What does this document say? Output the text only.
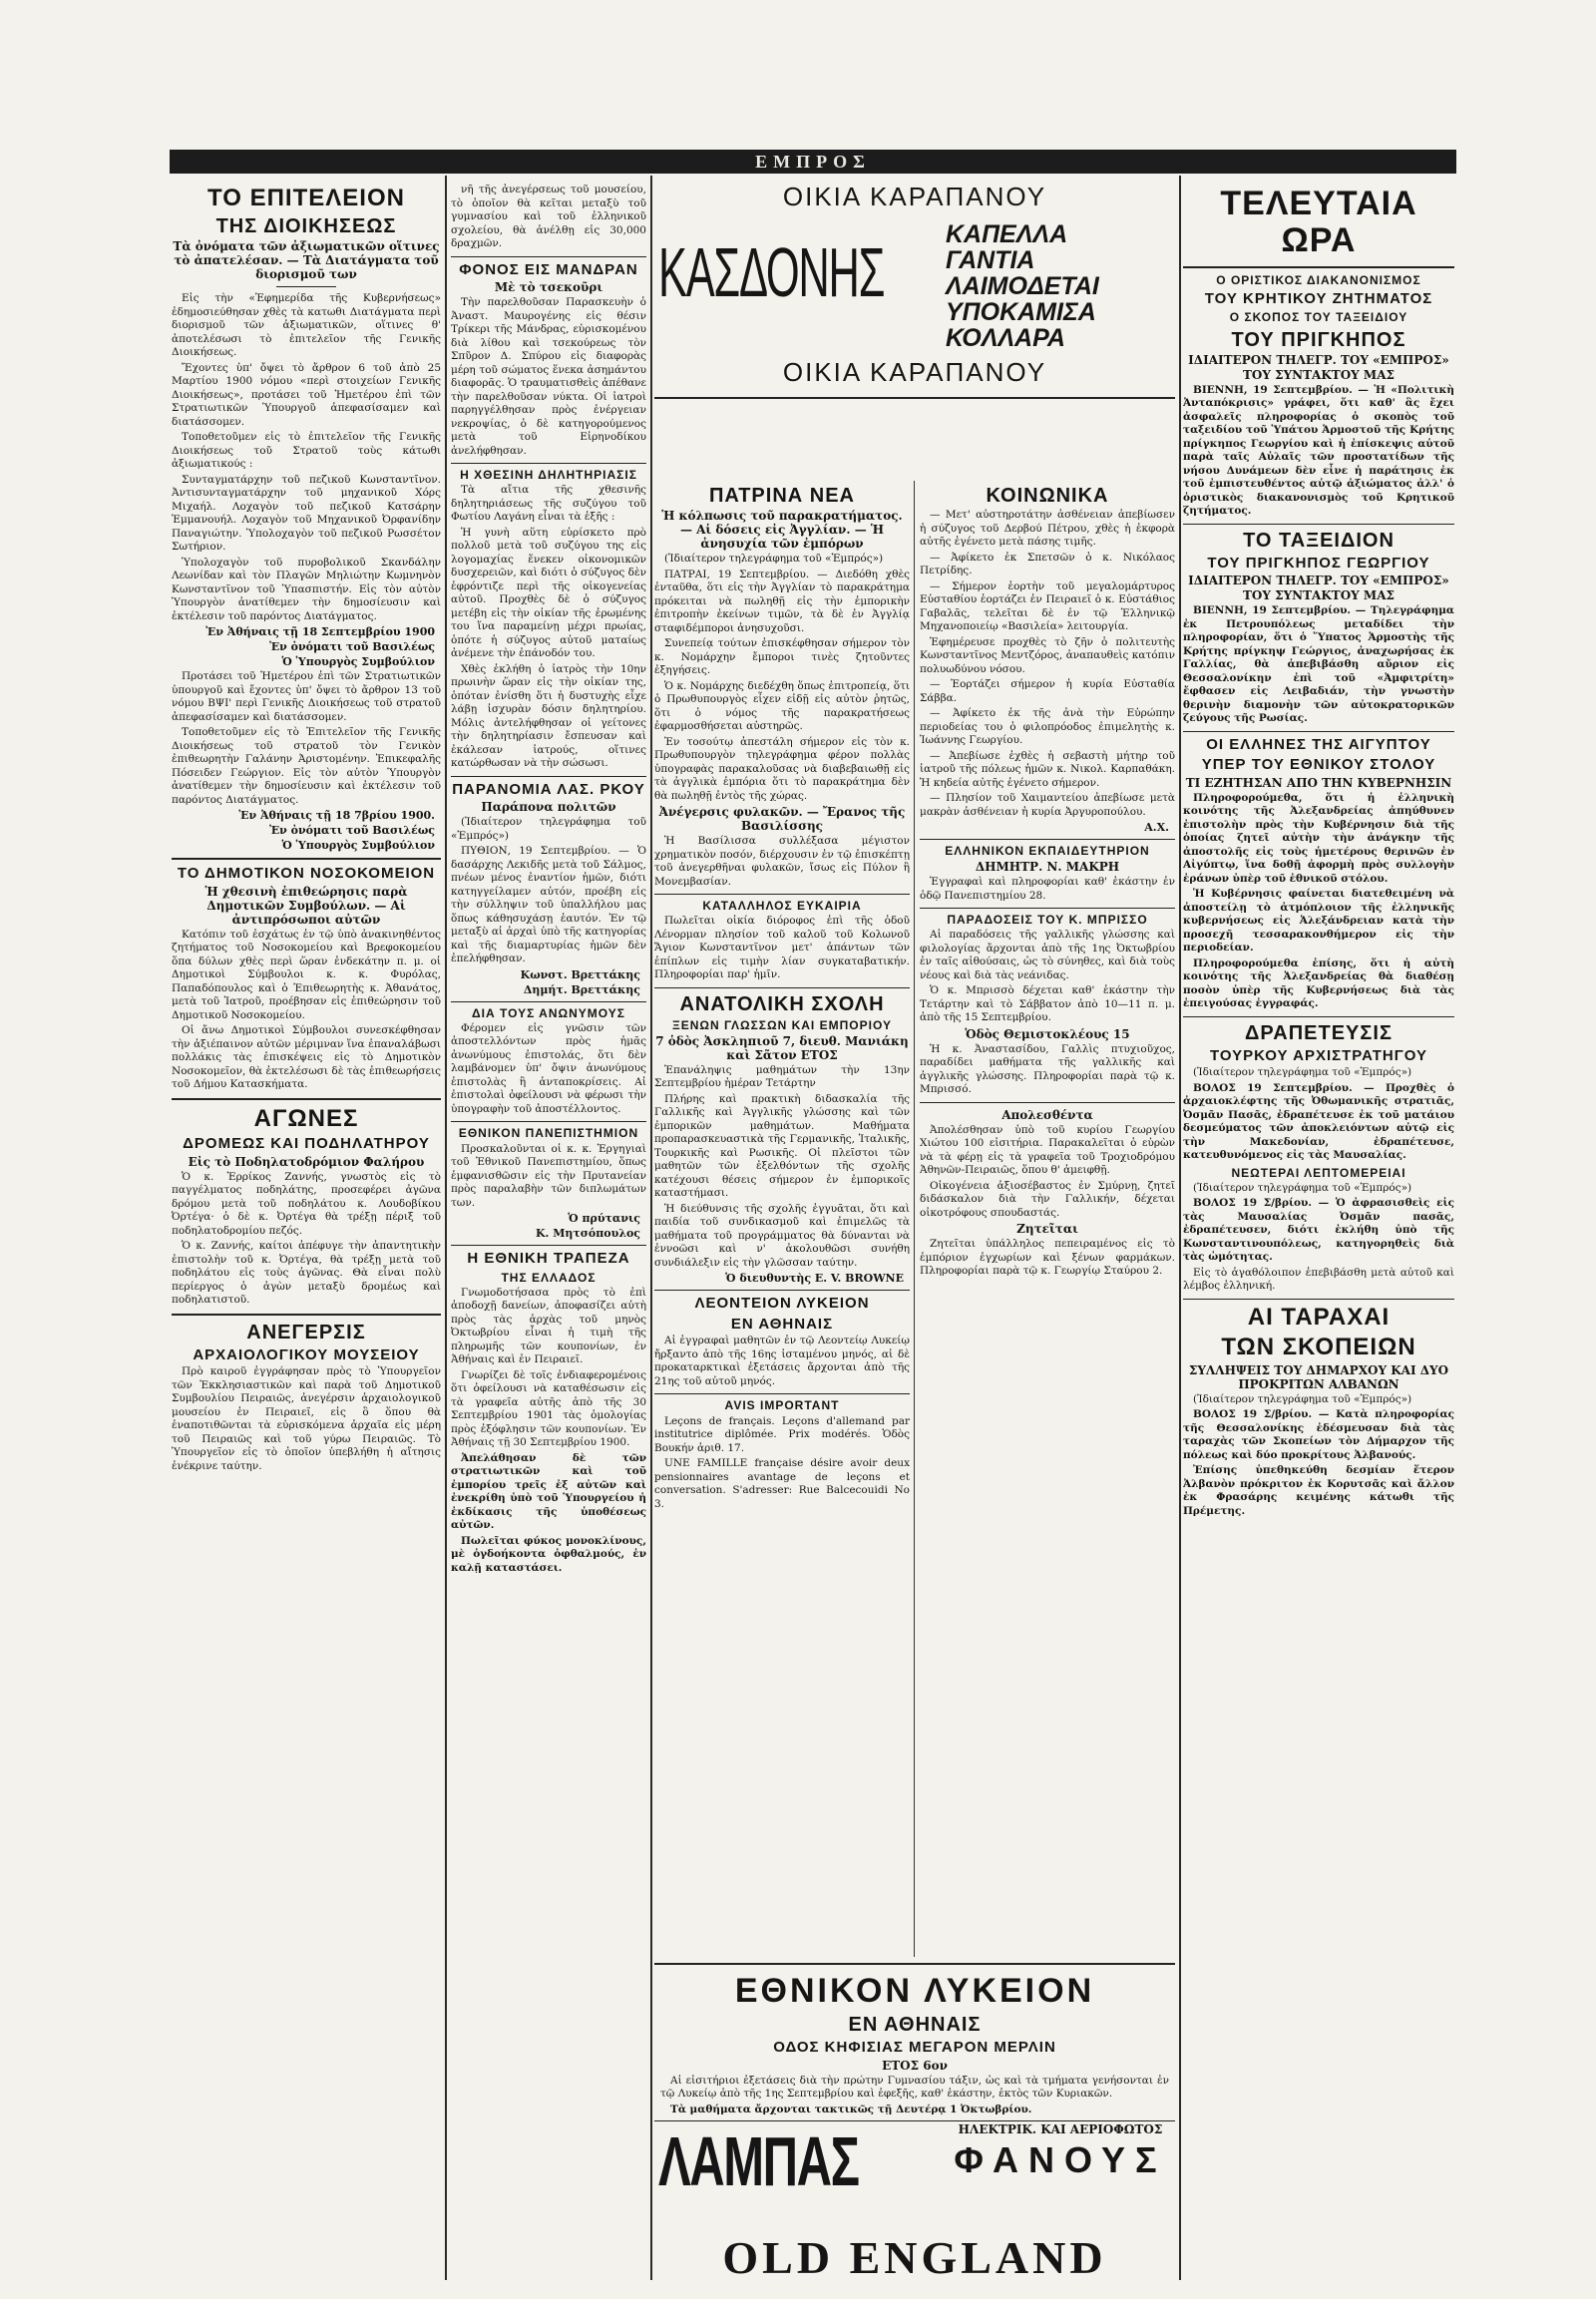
ΕΜΠΡΟΣ
ΤΟ ΕΠΙΤΕΛΕΙΟΝ
ΤΗΣ ΔΙΟΙΚΗΣΕΩΣ
Τὰ ὀνόματα τῶν ἀξιωματικῶν οἵτινες τὸ ἀπατελέσαν. — Τὰ Διατάγματα τοῦ διορισμοῦ των

Εἰς τὴν «Ἐφημερίδα τῆς Κυβερνήσεως» ἐδημοσιεύθησαν χθὲς τὰ κατωθι Διατάγματα περὶ διορισμοῦ τῶν ἀξιωματικῶν, οἵτινες θ' ἀποτελέσωσι τὸ ἐπιτελεῖον τῆς Γενικῆς Διοικήσεως.

Ἔχοντες ὑπ' ὄψει τὸ ἄρθρον 6 τοῦ ἀπὸ 25 Μαρτίου 1900 νόμου «περὶ στοιχείων Γενικῆς Διοικήσεως», προτάσει τοῦ Ἡμετέρου ἐπὶ τῶν Στρατιωτικῶν Ὑπουργοῦ ἀπεφασίσαμεν καὶ διατάσσομεν.

Τοποθετοῦμεν εἰς τὸ ἐπιτελεῖον τῆς Γενικῆς Διοικήσεως τοῦ Στρατοῦ τοὺς κάτωθι ἀξιωματικούς :

Συνταγματάρχην τοῦ πεζικοῦ Κωνσταντῖνον. Ἀντισυνταγματάρχην τοῦ μηχανικοῦ Χόρς Μιχαήλ. Λοχαγὸν τοῦ πεζικοῦ Κατσάρην Ἐμμανουήλ. Λοχαγὸν τοῦ Μηχανικοῦ Ὀρφανίδην Παναγιώτην. Ὑπολοχαγὸν τοῦ πεζικοῦ Ρωσσέτον Σωτήριον.

Ὑπολοχαγὸν τοῦ πυροβολικοῦ Σκανδάλην Λεωνίδαν καὶ τὸν Πλαγῶν Μηλιώτην Κωμνηνὸν Κωνσταντῖνον τοῦ Ὑπασπιστήν. Εἰς τὸν αὐτὸν Ὑπουργὸν ἀνατίθεμεν τὴν δημοσίευσιν καὶ ἐκτέλεσιν τοῦ παρόντος Διατάγματος.

Ἐν Ἀθήναις τῇ 18 Σεπτεμβρίου 1900
Ἐν ὀνόματι τοῦ Βασιλέως
Ὁ Ὑπουργὸς Συμβούλιον

Προτάσει τοῦ Ἡμετέρου ἐπὶ τῶν Στρατιωτικῶν ὑπουργοῦ καὶ ἔχοντες ὑπ' ὄψει τὸ ἄρθρον 13 τοῦ νόμου ΒΨΙ' περὶ Γενικῆς Διοικήσεως τοῦ στρατοῦ ἀπεφασίσαμεν καὶ διατάσσομεν.

Τοποθετοῦμεν εἰς τὸ Ἐπιτελεῖον τῆς Γενικῆς Διοικήσεως τοῦ στρατοῦ τὸν Γενικὸν ἐπιθεωρητὴν Γαλάνην Ἀριστομένην. Ἐπικεφαλῆς Πόσειδεν Γεώργιον. Εἰς τὸν αὐτὸν Ὑπουργὸν ἀνατίθεμεν τὴν δημοσίευσιν καὶ ἐκτέλεσιν τοῦ παρόντος Διατάγματος.

Ἐν Ἀθήναις τῇ 18 7βρίου 1900.
Ἐν ὀνόματι τοῦ Βασιλέως
Ὁ Ὑπουργὸς Συμβούλιον
ΤΟ ΔΗΜΟΤΙΚΟΝ ΝΟΣΟΚΟΜΕΙΟΝ
Ἡ χθεσινὴ ἐπιθεώρησις παρὰ Δημοτικῶν Συμβούλων. — Αἱ ἀντιπρόσωποι αὐτῶν

Κατόπιν τοῦ ἐσχάτως ἐν τῷ ὑπὸ ἀνακινηθέντος ζητήματος τοῦ Νοσοκομείου καὶ Βρεφοκομείου ὅπα δύλων χθὲς περὶ ὥραν ἑνδεκάτην π. μ. οἱ Δημοτικοὶ Σύμβουλοι κ. κ. Φυρόλας, Παπαδόπουλος καὶ ὁ Ἐπιθεωρητὴς κ. Ἀθανάτος, μετὰ τοῦ Ἰατροῦ, προέβησαν εἰς ἐπιθεώρησιν τοῦ Δημοτικοῦ Νοσοκομείου.

Οἱ ἄνω Δημοτικοὶ Σύμβουλοι συνεσκέφθησαν τὴν ἀξιέπαινον αὐτῶν μέριμναν ἵνα ἐπαναλάβωσι πολλάκις τὰς ἐπισκέψεις εἰς τὸ Δημοτικὸν Νοσοκομεῖον, θὰ ἐκτελέσωσι δὲ τὰς ἐπιθεωρήσεις τοῦ Δήμου Κατασκήματα.

ΑΓΩΝΕΣ
ΔΡΟΜΕΩΣ ΚΑΙ ΠΟΔΗΛΑΤΗΡΟΥ
Εἰς τὸ Ποδηλατοδρόμιον Φαλήρου

Ὁ κ. Ἐρρίκος Ζαννής, γνωστὸς εἰς τὸ παγγέλματος ποδηλάτης, προσεφέρει ἀγῶνα δρόμου μετὰ τοῦ ποδηλάτου κ. Λουδοβίκου Ὀρτέγα· ὁ δὲ κ. Ὀρτέγα θὰ τρέξῃ πέριξ τοῦ ποδηλατοδρομίου πεζός.

Ὁ κ. Ζαννής, καίτοι ἀπέφυγε τὴν ἀπαντητικὴν ἐπιστολὴν τοῦ κ. Ὀρτέγα, θὰ τρέξῃ μετὰ τοῦ ποδηλάτου εἰς τοὺς ἀγῶνας. Θὰ εἶναι πολὺ περίεργος ὁ ἀγὼν μεταξὺ δρομέως καὶ ποδηλατιστοῦ.

ΑΝΕΓΕΡΣΙΣ
ΑΡΧΑΙΟΛΟΓΙΚΟΥ ΜΟΥΣΕΙΟΥ

Πρὸ καιροῦ ἐγγράφησαν πρὸς τὸ Ὑπουργεῖον τῶν Ἐκκλησιαστικῶν καὶ παρὰ τοῦ Δημοτικοῦ Συμβουλίου Πειραιῶς, ἀνεγέρσιν ἀρχαιολογικοῦ μουσείου ἐν Πειραιεῖ, εἰς ὃ ὅπου θὰ ἐναποτιθῶνται τὰ εὑρισκόμενα ἀρχαῖα εἰς μέρη τοῦ Πειραιῶς καὶ τοῦ γύρω Πειραιῶς. Τὸ Ὑπουργεῖον εἰς τὸ ὁποῖον ὑπεβλήθη ἡ αἴτησις ἐνέκρινε ταύτην.

νῆ τῆς ἀνεγέρσεως τοῦ μουσείου, τὸ ὁποῖον θὰ κεῖται μεταξὺ τοῦ γυμνασίου καὶ τοῦ ἑλληνικοῦ σχολείου, θὰ ἀνέλθῃ εἰς 30,000 δραχμῶν.

ΦΟΝΟΣ ΕΙΣ ΜΑΝΔΡΑΝ
Μὲ τὸ τσεκοῦρι

Τὴν παρελθοῦσαν Παρασκευὴν ὁ Ἀναστ. Μαυρογένης εἰς θέσιν Τρίκερι τῆς Μάνδρας, εὑρισκομένου διὰ λίθου καὶ τσεκούρεως τὸν Σπῦρον Δ. Σπύρου εἰς διαφορὰς μέρη τοῦ σώματος ἕνεκα ἀσημάντου διαφορᾶς. Ὁ τραυματισθεὶς ἀπέθανε τὴν παρελθοῦσαν νύκτα. Οἱ ἰατροὶ παρηγγέλθησαν πρὸς ἐνέργειαν νεκροψίας, ὁ δὲ κατηγορούμενος μετὰ τοῦ Εἰρηνοδίκου ἀνελήφθησαν.

Η ΧΘΕΣΙΝΗ ΔΗΛΗΤΗΡΙΑΣΙΣ

Τὰ αἴτια τῆς χθεσινῆς δηλητηριάσεως τῆς συζύγου τοῦ Φωτίου Λαγάνη εἶναι τὰ ἑξῆς :

Ἡ γυνὴ αὕτη εὑρίσκετο πρὸ πολλοῦ μετὰ τοῦ συζύγου της εἰς λογομαχίας ἕνεκεν οἰκονομικῶν δυσχερειῶν, καὶ διότι ὁ σύζυγος δὲν ἐφρόντιζε περὶ τῆς οἰκογενείας αὐτοῦ. Προχθὲς δὲ ὁ σύζυγος μετέβη εἰς τὴν οἰκίαν τῆς ἐρωμένης του ἵνα παραμείνῃ μέχρι πρωίας, ὁπότε ἡ σύζυγος αὐτοῦ ματαίως ἀνέμενε τὴν ἐπάνοδόν του.

Χθὲς ἐκλήθη ὁ ἰατρὸς τὴν 10ην πρωινὴν ὥραν εἰς τὴν οἰκίαν της, ὁπόταν ἐνίσθη ὅτι ἡ δυστυχὴς εἶχε λάβῃ ἰσχυρὰν δόσιν δηλητηρίου. Μόλις ἀντελήφθησαν οἱ γείτονες τὴν δηλητηρίασιν ἔσπευσαν καὶ ἐκάλεσαν ἰατρούς, οἵτινες κατώρθωσαν νὰ τὴν σώσωσι.

ΠΑΡΑΝΟΜΙΑ ΛΑΣ. ΡΚΟΥ
Παράπονα πολιτῶν

(Ἰδιαίτερον τηλεγράφημα τοῦ «Ἐμπρός»)

ΠΥΘΙΟΝ, 19 Σεπτεμβρίου. — Ὁ δασάρχης Λεκιδῆς μετὰ τοῦ Σάλμος, πνέων μένος ἐναντίον ἡμῶν, διότι κατηγγείλαμεν αὐτόν, προέβη εἰς τὴν σύλληψιν τοῦ ὑπαλλήλου μας ὅπως κάθησυχάσῃ ἑαυτόν. Ἐν τῷ μεταξὺ αἱ ἀρχαὶ ὑπὸ τῆς κατηγορίας καὶ τῆς διαμαρτυρίας ἡμῶν δὲν ἐπελήφθησαν.

Κωνστ. Βρεττάκης
Δημήτ. Βρεττάκης
ΔΙΑ ΤΟΥΣ ΑΝΩΝΥΜΟΥΣ

Φέρομεν εἰς γνῶσιν τῶν ἀποστελλόντων πρὸς ἡμᾶς ἀνωνύμους ἐπιστολάς, ὅτι δὲν λαμβάνομεν ὑπ' ὄψιν ἀνωνύμους ἐπιστολὰς ἢ ἀνταποκρίσεις. Αἱ ἐπιστολαὶ ὀφείλουσι νὰ φέρωσι τὴν ὑπογραφὴν τοῦ ἀποστέλλοντος.

ΕΘΝΙΚΟΝ ΠΑΝΕΠΙΣΤΗΜΙΟΝ

Προσκαλοῦνται οἱ κ. κ. Ἐργηγιαὶ τοῦ Ἐθνικοῦ Πανεπιστημίου, ὅπως ἐμφανισθῶσιν εἰς τὴν Πρυτανείαν πρὸς παραλαβὴν τῶν διπλωμάτων των.

Ὁ πρύτανις
Κ. Μητσόπουλος
Η ΕΘΝΙΚΗ ΤΡΑΠΕΖΑ
ΤΗΣ ΕΛΛΑΔΟΣ

Γνωμοδοτήσασα πρὸς τὸ ἐπὶ ἀποδοχῇ δανείων, ἀποφασίζει αὐτὴ πρὸς τὰς ἀρχὰς τοῦ μηνὸς Ὀκτωβρίου εἶναι ἡ τιμὴ τῆς πληρωμῆς τῶν κουπονίων, ἐν Ἀθήναις καὶ ἐν Πειραιεῖ.

Γνωρίζει δὲ τοῖς ἐνδιαφερομένοις ὅτι ὀφείλουσι νὰ καταθέσωσιν εἰς τὰ γραφεῖα αὐτῆς ἀπὸ τῆς 30 Σεπτεμβρίου 1901 τὰς ὁμολογίας πρὸς ἐξόφλησιν τῶν κουπονίων. Ἐν Ἀθήναις τῇ 30 Σεπτεμβρίου 1900.

Ἀπελάθησαν δὲ τῶν στρατιωτικῶν καὶ τοῦ ἐμπορίου τρεῖς ἐξ αὐτῶν καὶ ἐνεκρίθη ὑπὸ τοῦ Ὑπουργείου ἡ ἐκδίκασις τῆς ὑποθέσεως αὐτῶν.

Πωλεῖται φύκος μονοκλίνους, μὲ ὀγδοήκοντα ὀφθαλμούς, ἐν καλῇ καταστάσει.

ΟΙΚΙΑ ΚΑΡΑΠΑΝΟΥ
ΚΑΣΔΟΝΗΣ ΚΑΠΕΛΛΑ
ΓΑΝΤΙΑ
ΛΑΙΜΟΔΕΤΑΙ
ΥΠΟΚΑΜΙΣΑ
ΚΟΛΛΑΡΑ
ΟΙΚΙΑ ΚΑΡΑΠΑΝΟΥ
ΠΑΤΡΙΝΑ ΝΕΑ
Ἡ κόλπωσις τοῦ παρακρατήματος. — Αἱ δόσεις εἰς Ἀγγλίαν. — Ἡ ἀνησυχία τῶν ἐμπόρων

(Ἰδιαίτερον τηλεγράφημα τοῦ «Ἐμπρός»)

ΠΑΤΡΑΙ, 19 Σεπτεμβρίου. — Διεδόθη χθὲς ἐνταῦθα, ὅτι εἰς τὴν Ἀγγλίαν τὸ παρακράτημα πρόκειται νὰ πωληθῇ εἰς τὴν ἐμπορικὴν ἐπιτροπὴν ἐκείνων τιμῶν, τὰ δὲ ἐν Ἀγγλίᾳ σταφιδέμποροι ἀνησυχοῦσι.

Συνεπείᾳ τούτων ἐπισκέφθησαν σήμερον τὸν κ. Νομάρχην ἔμποροι τινὲς ζητοῦντες ἐξηγήσεις.

Ὁ κ. Νομάρχης διεδέχθη ὅπως ἐπιτροπείᾳ, ὅτι ὁ Πρωθυπουργὸς εἶχεν εἰδῇ εἰς αὐτὸν ῥητῶς, ὅτι ὁ νόμος τῆς παρακρατήσεως ἐφαρμοσθήσεται αὐστηρῶς.

Ἐν τοσούτῳ ἀπεστάλη σήμερον εἰς τὸν κ. Πρωθυπουργὸν τηλεγράφημα φέρον πολλὰς ὑπογραφὰς παρακαλοῦσας νὰ διαβεβαιωθῇ εἰς τὰ ἀγγλικὰ ἐμπόρια ὅτι τὸ παρακράτημα δὲν θὰ πωληθῇ ἐντὸς τῆς χώρας.

Ἀνέγερσις φυλακῶν. — Ἔρανος τῆς Βασιλίσσης

Ἡ Βασίλισσα συλλέξασα μέγιστον χρηματικὸν ποσόν, διέρχουσιν ἐν τῷ ἐπισκέπτῃ τοῦ ἀνεγερθῆναι φυλακῶν, ἴσως εἰς Πύλον ἢ Μονεμβασίαν.

ΚΑΤΑΛΛΗΛΟΣ ΕΥΚΑΙΡΙΑ

Πωλεῖται οἰκία διόροφος ἐπὶ τῆς ὁδοῦ Λένορμαν πλησίον τοῦ καλοῦ τοῦ Κολωνοῦ Ἄγιον Κωνσταντῖνον μετ' ἀπάντων τῶν ἐπίπλων εἰς τιμὴν λίαν συγκαταβατικήν. Πληροφορίαι παρ' ἡμῖν.

ΑΝΑΤΟΛΙΚΗ ΣΧΟΛΗ
ΞΕΝΩΝ ΓΛΩΣΣΩΝ ΚΑΙ ΕΜΠΟΡΙΟΥ
7 ὁδὸς Ἀσκληπιοῦ 7, διευθ. Μανιάκη καὶ Σᾶτον ΕΤΟΣ

Ἐπανάληψις μαθημάτων τὴν 13ην Σεπτεμβρίου ἡμέραν Τετάρτην

Πλήρης καὶ πρακτικὴ διδασκαλία τῆς Γαλλικῆς καὶ Ἀγγλικῆς γλώσσης καὶ τῶν ἐμπορικῶν μαθημάτων. Μαθήματα προπαρασκευαστικὰ τῆς Γερμανικῆς, Ἰταλικῆς, Τουρκικῆς καὶ Ρωσικῆς. Οἱ πλεῖστοι τῶν μαθητῶν τῶν ἐξελθόντων τῆς σχολῆς κατέχουσι θέσεις σήμερον ἐν ἐμπορικοῖς καταστήμασι.

Ἡ διεύθυνσις τῆς σχολῆς ἐγγυᾶται, ὅτι καὶ παιδία τοῦ συνδικασμοῦ καὶ ἐπιμελῶς τὰ μαθήματα τοῦ προγράμματος θὰ δύνανται νὰ ἐννοῶσι καὶ ν' ἀκολουθῶσι συνήθη συνδιάλεξιν εἰς τὴν γλῶσσαν ταύτην.

Ὁ διευθυντὴς E. V. BROWNE
ΛΕΟΝΤΕΙΟΝ ΛΥΚΕΙΟΝ
ΕΝ ΑΘΗΝΑΙΣ

Αἱ ἐγγραφαὶ μαθητῶν ἐν τῷ Λεοντείῳ Λυκείῳ ἤρξαντο ἀπὸ τῆς 16ης ἰσταμένου μηνός, αἱ δὲ προκαταρκτικαὶ ἐξετάσεις ἄρχονται ἀπὸ τῆς 21ης τοῦ αὐτοῦ μηνός.

AVIS IMPORTANT

Leçons de français. Leçons d'allemand par institutrice diplômée. Prix modérés. Ὁδὸς Βουκήν ἀριθ. 17.

UNE FAMILLE française désire avoir deux pensionnaires avantage de leçons et conversation. S'adresser: Rue Balcecouidi No 3.

ΚΟΙΝΩΝΙΚΑ

— Μετ' αὐστηροτάτην ἀσθένειαν ἀπεβίωσεν ἡ σύζυγος τοῦ Δερβού Πέτρου, χθὲς ἡ ἐκφορὰ αὐτῆς ἐγένετο μετὰ πάσης τιμῆς.

— Ἀφίκετο ἐκ Σπετσῶν ὁ κ. Νικόλαος Πετρίδης.

— Σήμερον ἑορτὴν τοῦ μεγαλομάρτυρος Εὐσταθίου ἑορτάζει ἐν Πειραιεῖ ὁ κ. Εὐστάθιος Γαβαλᾶς, τελεῖται δὲ ἐν τῷ Ἑλληνικῷ Μηχανοποιείῳ «Βασιλεία» λειτουργία.

Ἐφημέρευσε προχθὲς τὸ ζῆν ὁ πολιτευτὴς Κωνσταντῖνος Μεντζόρος, ἀναπαυθεὶς κατόπιν πολυωδύνου νόσου.

— Ἐορτάζει σήμερον ἡ κυρία Εὐσταθία Σάββα.

— Ἀφίκετο ἐκ τῆς ἀνὰ τὴν Εὐρώπην περιοδείας του ὁ φιλοπρόοδος ἐπιμελητὴς κ. Ἰωάννης Γεωργίου.

— Ἀπεβίωσε ἐχθὲς ἡ σεβαστὴ μήτηρ τοῦ ἰατροῦ τῆς πόλεως ἡμῶν κ. Νικολ. Καρπαθάκη. Ἡ κηδεία αὐτῆς ἐγένετο σήμερον.

— Πλησίον τοῦ Χαιμαντείου ἀπεβίωσε μετὰ μακρὰν ἀσθένειαν ἡ κυρία Ἀργυροπούλου.

Α.Χ.
ΕΛΛΗΝΙΚΟΝ ΕΚΠΑΙΔΕΥΤΗΡΙΟΝ
ΔΗΜΗΤΡ. Ν. ΜΑΚΡΗ

Ἐγγραφαὶ καὶ πληροφορίαι καθ' ἑκάστην ἐν ὁδῷ Πανεπιστημίου 28.

ΠΑΡΑΔΟΣΕΙΣ ΤΟΥ Κ. ΜΠΡΙΣΣΟ

Αἱ παραδόσεις τῆς γαλλικῆς γλώσσης καὶ φιλολογίας ἄρχονται ἀπὸ τῆς 1ης Ὀκτωβρίου ἐν ταῖς αἰθούσαις, ὡς τὸ σύνηθες, καὶ διὰ τοὺς νέους καὶ διὰ τὰς νεάνιδας.

Ὁ κ. Μπρισσὸ δέχεται καθ' ἑκάστην τὴν Τετάρτην καὶ τὸ Σάββατον ἀπὸ 10—11 π. μ. ἀπὸ τῆς 15 Σεπτεμβρίου.

Ὁδὸς Θεμιστοκλέους 15

Ἡ κ. Ἀναστασίδου, Γαλλὶς πτυχιοῦχος, παραδίδει μαθήματα τῆς γαλλικῆς καὶ ἀγγλικῆς γλώσσης. Πληροφορίαι παρὰ τῷ κ. Μπρισσό.

Απολεσθέντα

Ἀπολέσθησαν ὑπὸ τοῦ κυρίου Γεωργίου Χιώτου 100 εἰσιτήρια. Παρακαλεῖται ὁ εὑρὼν νὰ τὰ φέρῃ εἰς τὰ γραφεῖα τοῦ Τροχιοδρόμου Ἀθηνῶν-Πειραιῶς, ὅπου θ' ἀμειφθῇ.

Οἰκογένεια ἀξιοσέβαστος ἐν Σμύρνῃ, ζητεῖ διδάσκαλον διὰ τὴν Γαλλικήν, δέχεται οἰκοτρόφους σπουδαστάς.

Ζητεῖται

Ζητεῖται ὑπάλληλος πεπειραμένος εἰς τὸ ἐμπόριον ἐγχωρίων καὶ ξένων φαρμάκων. Πληροφορίαι παρὰ τῷ κ. Γεωργίῳ Σταύρου 2.

ΕΘΝΙΚΟΝ ΛΥΚΕΙΟΝ
ΕΝ ΑΘΗΝΑΙΣ
ΟΔΟΣ ΚΗΦΙΣΙΑΣ ΜΕΓΑΡΟΝ ΜΕΡΛΙΝ
ΕΤΟΣ 6ον

Αἱ εἰσιτήριοι ἐξετάσεις διὰ τὴν πρώτην Γυμνασίου τάξιν, ὡς καὶ τὰ τμήματα γενήσονται ἐν τῷ Λυκείῳ ἀπὸ τῆς 1ης Σεπτεμβρίου καὶ ἐφεξῆς, καθ' ἑκάστην, ἐκτὸς τῶν Κυριακῶν.

Τὰ μαθήματα ἄρχονται τακτικῶς τῇ Δευτέρᾳ 1 Ὀκτωβρίου.

ΛΑΜΠΑΣ	ΗΛΕΚΤΡΙΚ. ΚΑΙ ΑΕΡΙΟΦΩΤΟΣ
ΦΑΝΟΥΣ
OLD ENGLAND
ΤΕΛΕΥΤΑΙΑ ΩΡΑ
Ο ΟΡΙΣΤΙΚΟΣ ΔΙΑΚΑΝΟΝΙΣΜΟΣ
ΤΟΥ ΚΡΗΤΙΚΟΥ ΖΗΤΗΜΑΤΟΣ
Ο ΣΚΟΠΟΣ ΤΟΥ ΤΑΞΕΙΔΙΟΥ
ΤΟΥ ΠΡΙΓΚΗΠΟΣ
ΙΔΙΑΙΤΕΡΟΝ ΤΗΛΕΓΡ. ΤΟΥ «ΕΜΠΡΟΣ»
ΤΟΥ ΣΥΝΤΑΚΤΟΥ ΜΑΣ

ΒΙΕΝΝΗ, 19 Σεπτεμβρίου. — Ἡ «Πολιτικὴ Ἀνταπόκρισις» γράφει, ὅτι καθ' ἃς ἔχει ἀσφαλεῖς πληροφορίας ὁ σκοπὸς τοῦ ταξειδίου τοῦ Ὑπάτου Ἁρμοστοῦ τῆς Κρήτης πρίγκηπος Γεωργίου καὶ ἡ ἐπίσκεψις αὐτοῦ παρὰ ταῖς Αὐλαῖς τῶν προστατίδων τῆς νήσου Δυνάμεων δὲν εἶνε ἡ παράτησις ἐκ τοῦ ἐμπιστευθέντος αὐτῷ ἀξιώματος ἀλλ' ὁ ὁριστικὸς διακανονισμὸς τοῦ Κρητικοῦ ζητήματος.

ΤΟ ΤΑΞΕΙΔΙΟΝ
ΤΟΥ ΠΡΙΓΚΗΠΟΣ ΓΕΩΡΓΙΟΥ
ΙΔΙΑΙΤΕΡΟΝ ΤΗΛΕΓΡ. ΤΟΥ «ΕΜΠΡΟΣ»
ΤΟΥ ΣΥΝΤΑΚΤΟΥ ΜΑΣ

ΒΙΕΝΝΗ, 19 Σεπτεμβρίου. — Τηλεγράφημα ἐκ Πετρουπόλεως μεταδίδει τὴν πληροφορίαν, ὅτι ὁ Ὕπατος Ἁρμοστὴς τῆς Κρήτης πρίγκηψ Γεώργιος, ἀναχωρήσας ἐκ Γαλλίας, θὰ ἀπεβιβάσθη αὔριον εἰς Θεσσαλονίκην ἐπὶ τοῦ «Ἀμφιτρίτη» ἔφθασεν εἰς Λειβαδιάν, τὴν γνωστὴν θερινὴν διαμονὴν τῶν αὐτοκρατορικῶν ζεύγους τῆς Ρωσίας.

ΟΙ ΕΛΛΗΝΕΣ ΤΗΣ ΑΙΓΥΠΤΟΥ
ΥΠΕΡ ΤΟΥ ΕΘΝΙΚΟΥ ΣΤΟΛΟΥ
ΤΙ ΕΖΗΤΗΣΑΝ ΑΠΟ ΤΗΝ ΚΥΒΕΡΝΗΣΙΝ

Πληροφορούμεθα, ὅτι ἡ ἑλληνικὴ κοινότης τῆς Ἀλεξανδρείας ἀπηύθυνεν ἐπιστολὴν πρὸς τὴν Κυβέρνησιν διὰ τῆς ὁποίας ζητεῖ αὐτὴν τὴν ἀνάγκην τῆς ἀποστολῆς εἰς τοὺς ἡμετέρους θερινῶν ἐν Αἰγύπτῳ, ἵνα δοθῇ ἀφορμὴ πρὸς συλλογὴν ἐράνων ὑπὲρ τοῦ ἐθνικοῦ στόλου.

Ἡ Κυβέρνησις φαίνεται διατεθειμένη νὰ ἀποστείλῃ τὸ ἀτμόπλοιον τῆς ἑλληνικῆς κυβερνήσεως εἰς Ἀλεξάνδρειαν κατὰ τὴν προσεχῆ τεσσαρακονθήμερον εἰς τὴν περιοδείαν.

Πληροφορούμεθα ἐπίσης, ὅτι ἡ αὐτὴ κοινότης τῆς Ἀλεξανδρείας θὰ διαθέσῃ ποσὸν ὑπὲρ τῆς Κυβερνήσεως διὰ τὰς ἐπειγούσας ἐγγραφάς.

ΔΡΑΠΕΤΕΥΣΙΣ
ΤΟΥΡΚΟΥ ΑΡΧΙΣΤΡΑΤΗΓΟΥ

(Ἰδιαίτερον τηλεγράφημα τοῦ «Ἐμπρός»)

ΒΟΛΟΣ 19 Σεπτεμβρίου. — Προχθὲς ὁ ἀρχαιοκλέφτης τῆς Ὀθωμανικῆς στρατιᾶς, Ὀσμᾶν Πασᾶς, ἐδραπέτευσε ἐκ τοῦ ματάιου δεσμεύματος τῶν ἀποκλειόντων αὐτῷ εἰς τὴν Μακεδονίαν, ἐδραπέτευσε, κατευθυνόμενος εἰς τὰς Μαυσαλίας.

ΝΕΩΤΕΡΑΙ ΛΕΠΤΟΜΕΡΕΙΑΙ

(Ἰδιαίτερον τηλεγράφημα τοῦ «Ἐμπρός»)

ΒΟΛΟΣ 19 Σ/βρίου. — Ὁ ἀφρασισθεὶς εἰς τὰς Μαυσαλίας Ὀσμᾶν πασᾶς, ἐδραπέτευσεν, διότι ἐκλήθη ὑπὸ τῆς Κωνσταντινουπόλεως, κατηγορηθεὶς διὰ τὰς ὠμότητας.

Εἰς τὸ ἀγαθόλοιπον ἐπεβιβάσθη μετὰ αὐτοῦ καὶ λέμβος ἑλληνική.

ΑΙ ΤΑΡΑΧΑΙ
ΤΩΝ ΣΚΟΠΕΙΩΝ
ΣΥΛΛΗΨΕΙΣ ΤΟΥ ΔΗΜΑΡΧΟΥ ΚΑΙ ΔΥΟ ΠΡΟΚΡΙΤΩΝ ΑΛΒΑΝΩΝ

(Ἰδιαίτερον τηλεγράφημα τοῦ «Ἐμπρός»)

ΒΟΛΟΣ 19 Σ/βρίου. — Κατὰ πληροφορίας τῆς Θεσσαλονίκης ἐδέσμευσαν διὰ τὰς ταραχὰς τῶν Σκοπείων τὸν Δήμαρχον τῆς πόλεως καὶ δύο προκρίτους Ἀλβανούς.

Ἐπίσης ὑπεθηκεύθη δεσμίαν ἕτερον Ἀλβανὸν πρόκριτον ἐκ Κορυτσᾶς καὶ ἄλλον ἐκ Φρασάρης κειμένης κάτωθι τῆς Πρέμετης.
